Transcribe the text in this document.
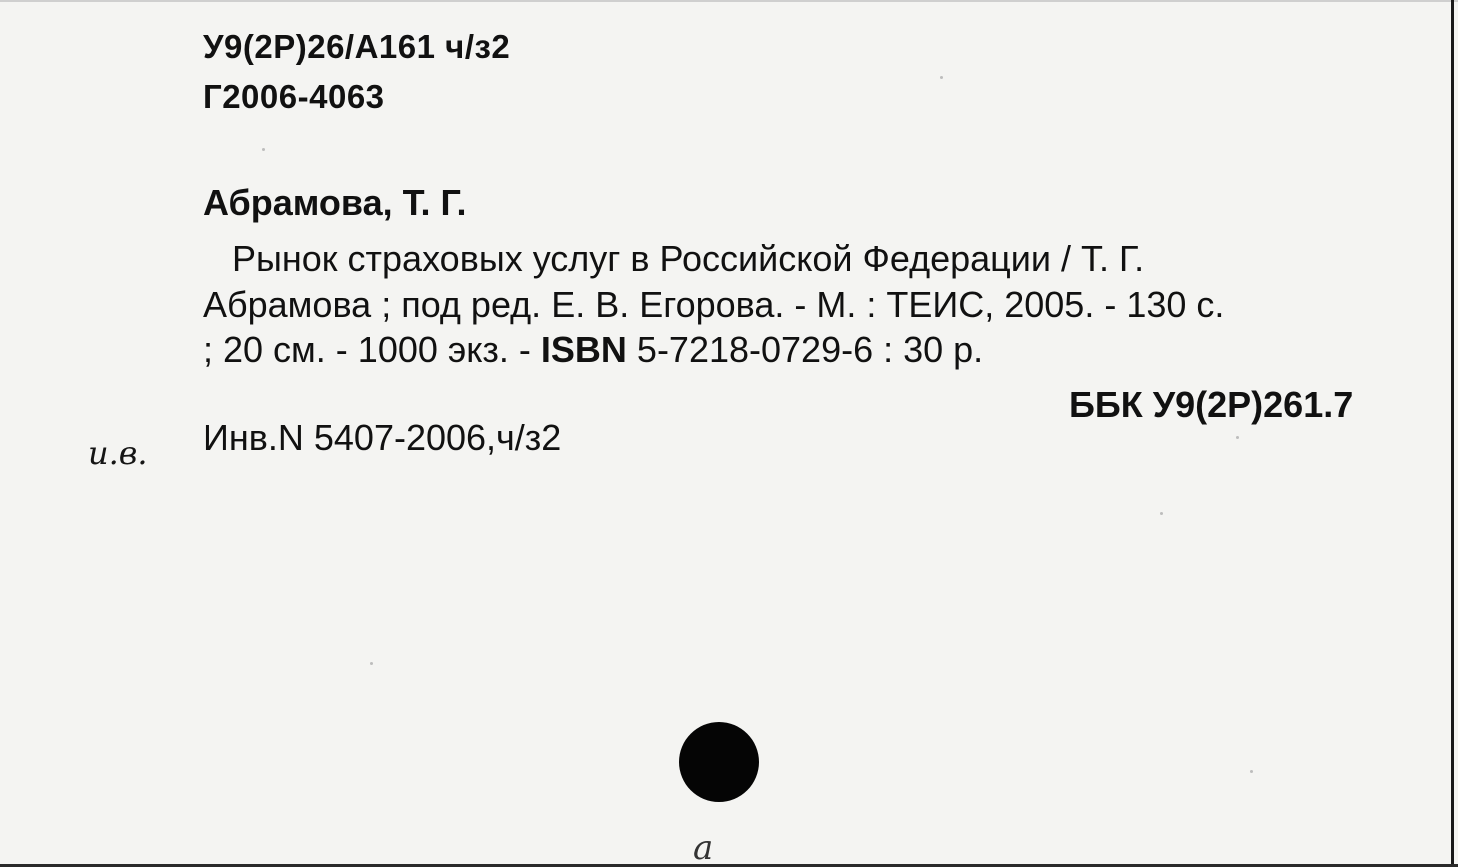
У9(2Р)26/А161 ч/з2
Г2006-4063
Абрамова, Т. Г.
Рынок страховых услуг в Российской Федерации / Т. Г.
Абрамова ; под ред. Е. В. Егорова. - М. : ТЕИС, 2005. - 130 с.
; 20 см. - 1000 экз. - ISBN 5-7218-0729-6 : 30 р.
ББК У9(2Р)261.7
и.в. Инв.N 5407-2006,ч/з2
a
